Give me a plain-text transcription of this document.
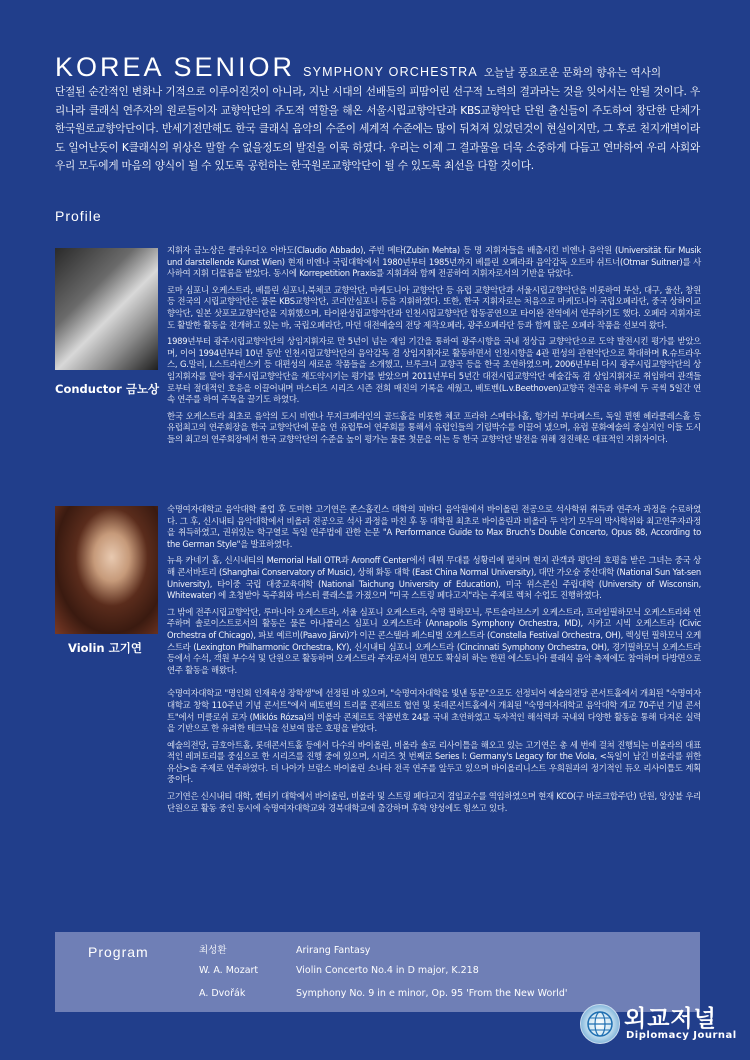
KOREA SENIOR SYMPHONY ORCHESTRA 오늘날 풍요로운 문화의 향유는 역사의

단절된 순간적인 변화나 기적으로 이루어진것이 아니라, 지난 시대의 선배들의 피땀어린 선구적 노력의 결과라는 것을 잊어서는 안될 것이다. 우리나라 클래식 연주자의 원로들이자 교향악단의 주도적 역할을 해온 서울시립교향악단과 KBS교향악단 단원 출신들이 주도하여 창단한 단체가 한국원로교향악단이다. 반세기전만해도 한국 클래식 음악의 수준이 세계적 수준에는 많이 뒤쳐져 있었던것이 현실이지만, 그 후로 천지개벽이라도 일어난듯이 K클래식의 위상은 말할 수 없을정도의 발전을 이룩 하였다. 우리는 이제 그 결과물을 더욱 소중하게 다듬고 연마하여 우리 사회와 우리 모두에게 마음의 양식이 될 수 있도록 공헌하는 한국원로교향악단이 될 수 있도록 최선을 다할 것이다.

Profile
Conductor 금노상

지휘자 금노상은 클라우디오 아바도(Claudio Abbado), 주빈 메타(Zubin Mehta) 등 명 지휘자들을 배출시킨 비엔나 음악원 (Universität für Musik und darstellende Kunst Wien) 현재 비엔나 국립대학에서 1980년부터 1985년까지 베를린 오페라좌 음악감독 오트마 쉬트너(Otmar Suitner)를 사사하여 지휘 디플롬을 받았다. 동시에 Korrepetition Praxis를 지휘과와 함께 전공하여 지휘자로서의 기반을 닦았다.

로마 심포니 오케스트라, 베를린 심포니,북체코 교향악단, 마케도니아 교향악단 등 유럽 교향악단과 서울시립교향악단을 비롯하여 부산, 대구, 울산, 창원 등 전국의 시립교향악단은 물론 KBS교향악단, 코리안심포니 등을 지휘하였다. 또한, 한국 지휘자로는 처음으로 마케도니아 국립오페라단, 중국 상하이교향악단, 일본 삿포로교향악단을 지휘했으며, 타이완성립교향악단과 인천시립교향악단 합동공연으로 타이완 전역에서 연주하기도 했다. 오페라 지휘자로도 활발한 활동을 전개하고 있는 바, 국립오페라단, 마던 대전예술의 전당 제작오페라, 광주오페라단 등과 함께 많은 오페라 작품을 선보여 왔다.

1989년부터 광주시립교향악단의 상임지휘자로 만 5년이 넘는 재임 기간을 통하여 광주시향을 국내 정상급 교향악단으로 도약 발전시킨 평가를 받았으며, 이어 1994년부터 10년 동안 인천시립교향악단의 음악감독 겸 상임지휘자로 활동하면서 인천시향을 4관 편성의 관현악단으로 확대하며 R.슈트라우스, G.말러, I.스트라빈스키 등 대편성의 새로운 작품들을 소개했고, 브루크너 교향곡 등을 한국 초연하였으며, 2006년부터 다시 광주시립교향악단의 상임지휘자를 맡아 광주시립교향악단을 재도약시키는 평가를 받았으며 2011년부터 5년간 대전시립교향악단 예술감독 겸 상임지휘자로 취임하여 관객들로부터 절대적인 호응을 이끌어내며 마스터즈 시리즈 시즌 전회 매진의 기록을 세웠고, 베토벤(L.v.Beethoven)교향곡 전곡을 하루에 두 곡씩 5일간 연속 연주를 하여 주목을 끌기도 하였다.

한국 오케스트라 최초로 음악의 도시 비엔나 무지크페라인의 골드홀을 비롯한 체코 프라하 스메타나홀, 헝가리 부다페스트, 독일 뮌헨 헤라클레스홀 등 유럽최고의 연주회장을 한국 교향악단에 문을 연 유럽투어 연주회를 통해서 유럽인들의 기립박수를 이끌어 냈으며, 유럽 문화예술의 중심지인 이들 도시들의 최고의 연주회장에서 한국 교향악단의 수준을 높이 평가는 물론 첫문을 여는 등 한국 교향악단 발전을 위해 정진해온 대표적인 지휘자이다.

Violin 고기연

숙명여자대학교 음악대학 졸업 후 도미한 고기연은 존스홉킨스 대학의 피바디 음악원에서 바이올린 전공으로 석사학위 취득과 연주자 과정을 수료하였다. 그 후, 신시내티 음악대학에서 비올라 전공으로 석사 과정을 마친 후 동 대학원 최초로 바이올린과 비올라 두 악기 모두의 박사학위와 최고연주자과정을 취득하였고, 권위있는 학구열로 독일 연주법에 관한 논문 "A Performance Guide to Max Bruch's Double Concerto, Opus 88, According to the German Style"을 발표하였다.

뉴욕 카네기 홀, 신시내티의 Memorial Hall OTR과 Aronoff Center에서 데뷔 무대를 성황리에 펼치며 현지 관객과 평단의 호평을 받은 그녀는 중국 상해 콘서바토리 (Shanghai Conservatory of Music), 상해 화동 대학 (East China Normal University), 대만 가오슝 중산대학 (National Sun Yat-sen University), 타이중 국립 대중교육대학 (National Taichung University of Education), 미국 위스콘신 주립대학 (University of Wisconsin, Whitewater) 에 초청받아 독주회와 마스터 클래스를 가졌으며 "미국 스트링 페다고지"라는 주제로 렉처 수업도 진행하였다.

그 밖에 전주시립교향악단, 루마니아 오케스트라, 서울 심포니 오케스트라, 숙명 필하모닉, 루트슬라브스키 오케스트라, 프라임필하모닉 오케스트라와 연주하며 솔로이스트로서의 활동은 물론 아나폴리스 심포니 오케스트라 (Annapolis Symphony Orchestra, MD), 시카고 시빅 오케스트라 (Civic Orchestra of Chicago), 파보 예르비(Paavo Järvi)가 이끈 콘스텔라 페스티벌 오케스트라 (Constella Festival Orchestra, OH), 렉싱턴 필하모닉 오케스트라 (Lexington Philharmonic Orchestra, KY), 신시내티 심포니 오케스트라 (Cincinnati Symphony Orchestra, OH), 경기필하모닉 오케스트라 등에서 수석, 객원 부수석 및 단원으로 활동하며 오케스트라 주자로서의 면모도 확실히 하는 한편 에스토니아 클래식 음악 축제에도 참여하며 다방면으로 연주 활동을 해왔다.

숙명여자대학교 "명인회 인재육성 장학생"에 선정된 바 있으며, "숙명여자대학을 빛낸 동문"으로도 선정되어 예술의전당 콘서트홀에서 개최된 "숙명여자대학교 창학 110주년 기념 콘서트"에서 베토벤의 트리플 콘체르토 협연 및 롯데콘서트홀에서 개최된 "숙명여자대학교 음악대학 개교 70주년 기념 콘서트"에서 미클로쉬 로자 (Miklós Rózsa)의 비올라 콘체르토 작품번호 24를 국내 초연하였고 독자적인 해석력과 국내외 다양한 활동을 통해 다져온 실력을 기반으로 한 유려한 테크닉을 선보여 많은 호평을 받았다.

예술의전당, 금호아트홀, 롯데콘서트홀 등에서 다수의 바이올린, 비올라 솔로 리사이틀을 해오고 있는 고기연은 총 세 번에 걸쳐 진행되는 비올라의 대표적인 레퍼토리를 중심으로 한 시리즈를 진행 중에 있으며, 시리즈 첫 번째로 Series I: Germany's Legacy for the Viola, <독일이 남긴 비올라를 위한 유산>을 주제로 연주하였다. 더 나아가 브람스 바이올린 소나타 전곡 연주를 앞두고 있으며 바이올리니스트 우희원과의 정기적인 듀오 리사이틀도 계획 중이다.

고기연은 신시내티 대학, 켄터키 대학에서 바이올린, 비올라 및 스트링 페다고지 겸임교수를 역임하였으며 현재 KCO(구 바로크합주단) 단원, 앙상블 우리 단원으로 활동 중인 동시에 숙명여자대학교와 경북대학교에 출강하며 후학 양성에도 힘쓰고 있다.

Program	최성환	Arirang Fantasy
W. A. Mozart	Violin Concerto No.4 in D major, K.218
A. Dvořák	Symphony No. 9 in e minor, Op. 95 'From the New World'
외교저널
Diplomacy Journal
